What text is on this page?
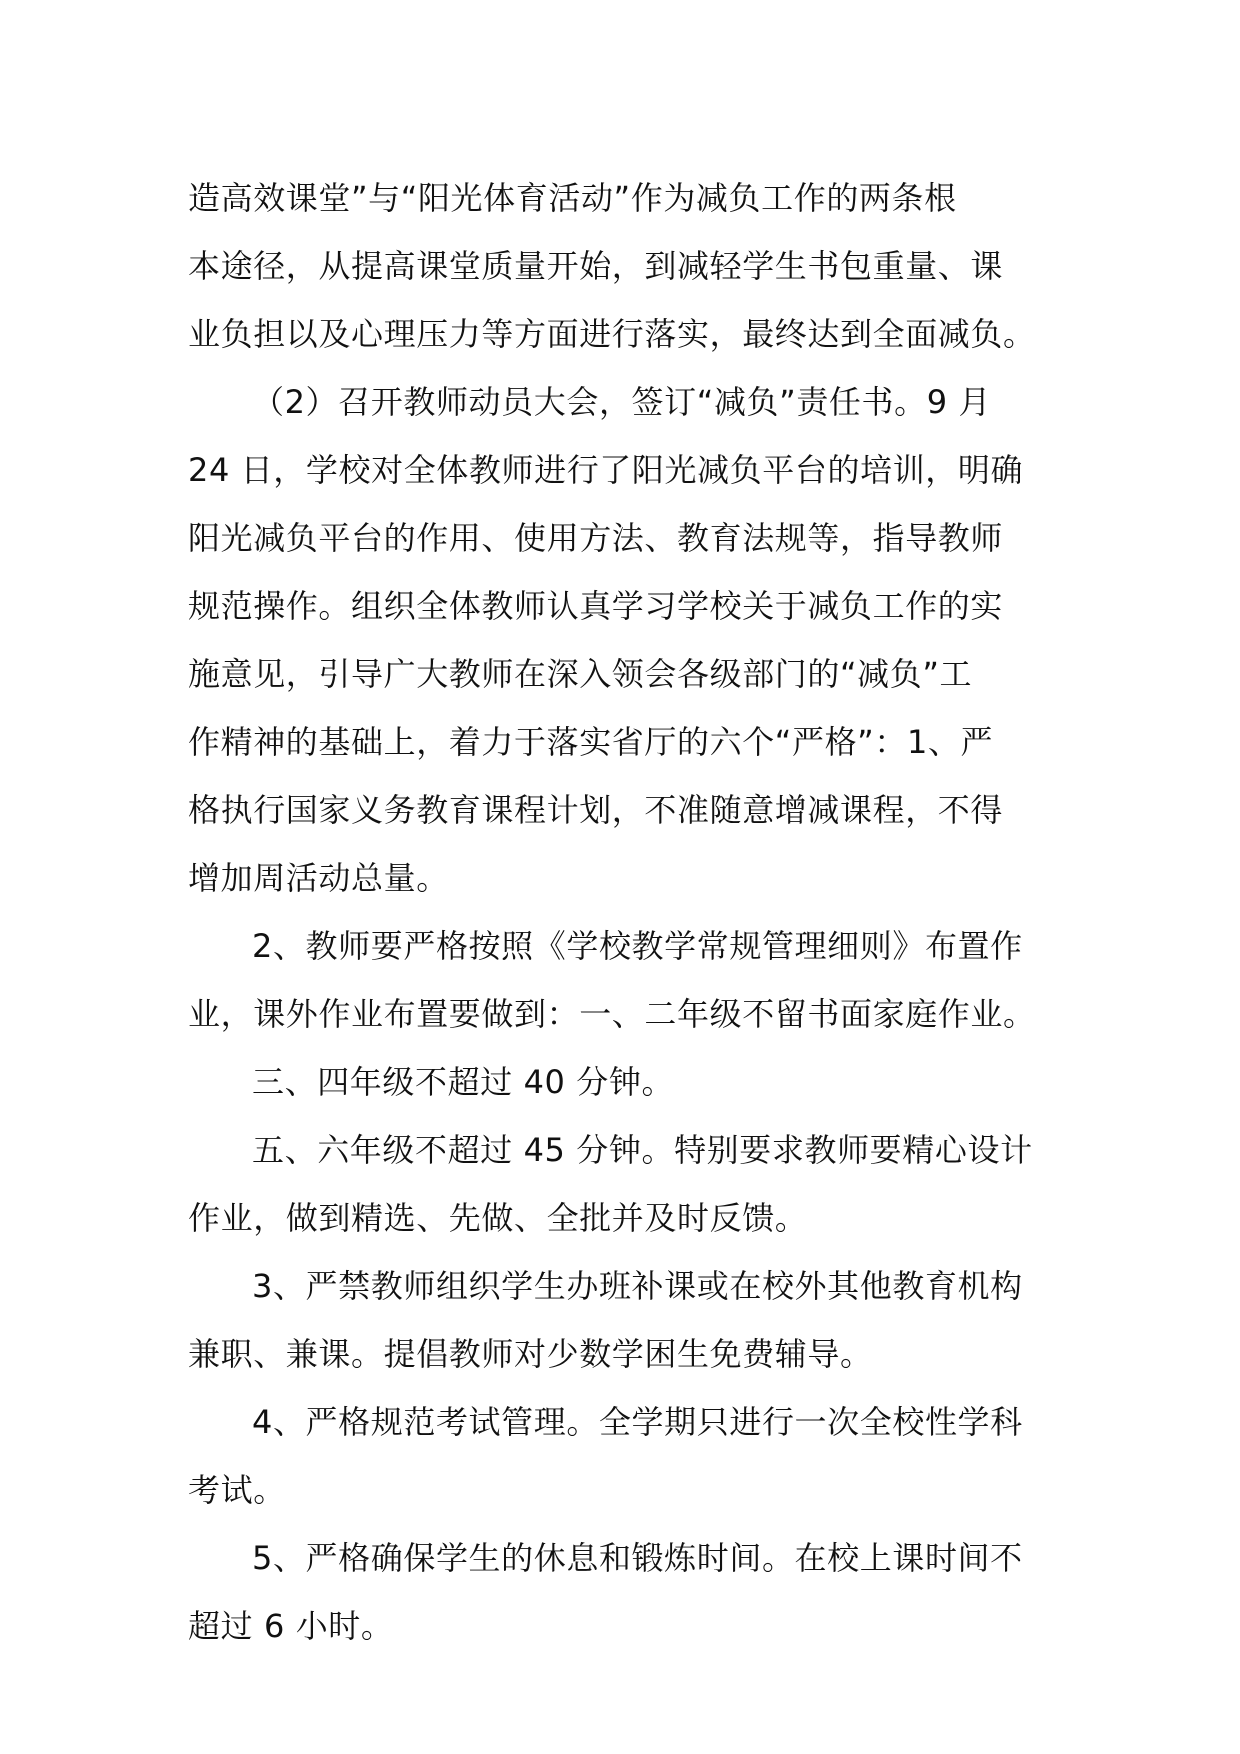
造高效课堂”与“阳光体育活动”作为减负工作的两条根
本途径，从提高课堂质量开始，到减轻学生书包重量、课
业负担以及心理压力等方面进行落实，最终达到全面减负。
（2）召开教师动员大会，签订“减负”责任书。9 月
24 日，学校对全体教师进行了阳光减负平台的培训，明确
阳光减负平台的作用、使用方法、教育法规等，指导教师
规范操作。组织全体教师认真学习学校关于减负工作的实
施意见，引导广大教师在深入领会各级部门的“减负”工
作精神的基础上，着力于落实省厅的六个“严格”：1、严
格执行国家义务教育课程计划，不准随意增减课程，不得
增加周活动总量。
2、教师要严格按照《学校教学常规管理细则》布置作
业，课外作业布置要做到：一、二年级不留书面家庭作业。
三、四年级不超过 40 分钟。
五、六年级不超过 45 分钟。特别要求教师要精心设计
作业，做到精选、先做、全批并及时反馈。
3、严禁教师组织学生办班补课或在校外其他教育机构
兼职、兼课。提倡教师对少数学困生免费辅导。
4、严格规范考试管理。全学期只进行一次全校性学科
考试。
5、严格确保学生的休息和锻炼时间。在校上课时间不
超过 6 小时。
